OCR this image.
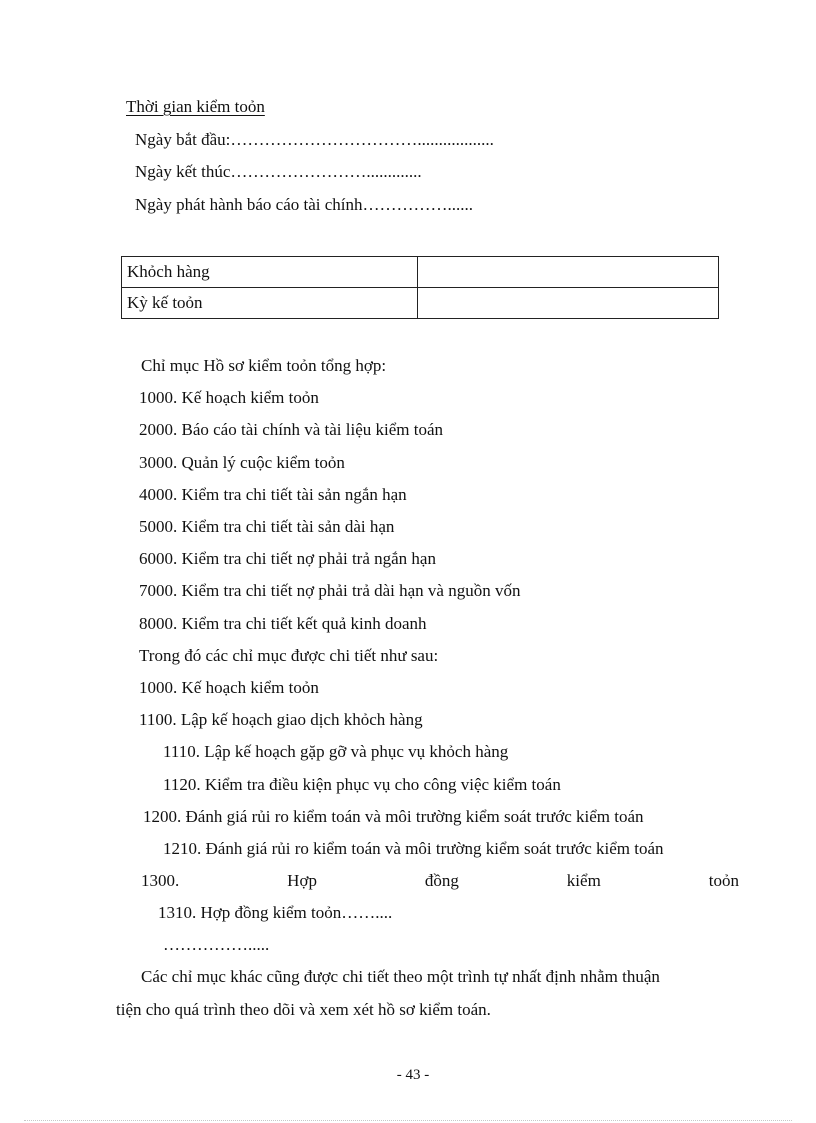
Thời gian kiểm toỏn
Ngày bắt đầu:……………………………..................
Ngày kết thúc…………………….............
Ngày phát hành báo cáo tài chính……………......
Khỏch hàng	
Kỳ kế toỏn	
Chỉ mục Hồ sơ kiểm toỏn tổng hợp:
1000. Kế hoạch kiểm toỏn
2000. Báo cáo tài chính và tài liệu kiểm toán
3000. Quản lý cuộc kiểm toỏn
4000. Kiểm tra chi tiết tài sản ngắn hạn
5000. Kiểm tra chi tiết tài sản dài hạn
6000. Kiểm tra chi tiết nợ phải trả ngắn hạn
7000. Kiểm tra chi tiết nợ phải trả dài hạn và nguồn vốn
8000. Kiểm tra chi tiết kết quả kinh doanh
Trong đó các chỉ mục được chi tiết như sau:
1000. Kế hoạch kiểm toỏn
1100. Lập kế hoạch giao dịch khỏch hàng
1110. Lập kế hoạch gặp gỡ và phục vụ khỏch hàng
1120. Kiểm tra điều kiện phục vụ cho công việc kiểm toán
1200. Đánh giá rủi ro kiểm toán và môi trường kiểm soát trước kiểm toán
1210. Đánh giá rủi ro kiểm toán và môi trường kiểm soát trước kiểm toán
1300.	Hợp	đồng	kiểm	toỏn
1310. Hợp đồng kiểm toỏn……....
…………….....
Các chỉ mục khác cũng được chi tiết theo một trình tự nhất định nhằm thuận
tiện cho quá trình theo dõi và xem xét hồ sơ kiểm toán.
- 43 -
